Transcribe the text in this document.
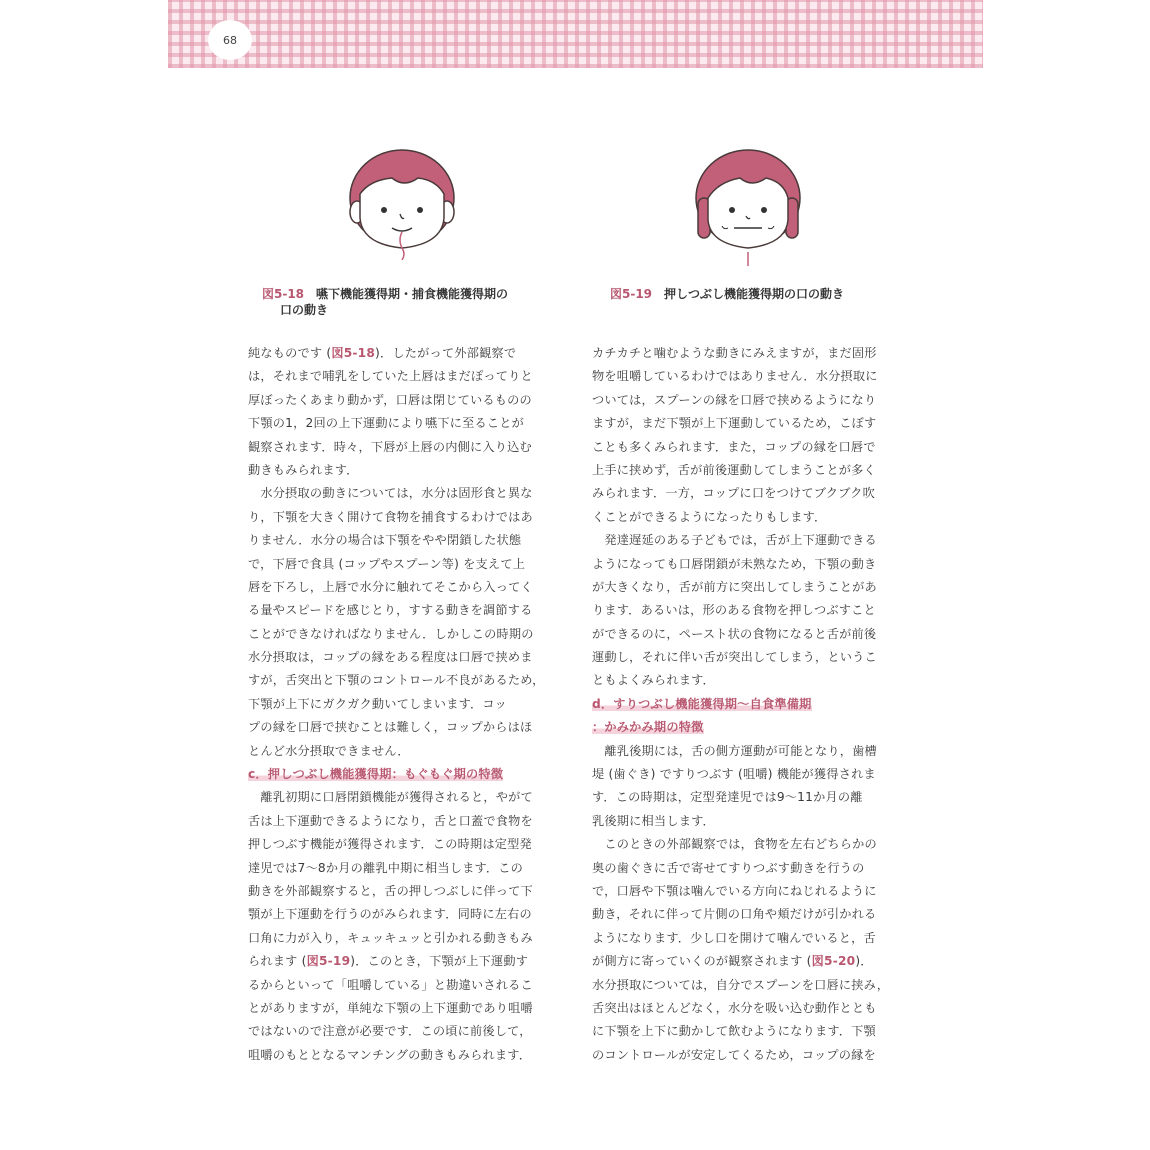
68
図5-18 嚥下機能獲得期・捕食機能獲得期の
口の動き
図5-19 押しつぶし機能獲得期の口の動き
純なものです (図5-18)．したがって外部観察で
は，それまで哺乳をしていた上唇はまだぽってりと
厚ぼったくあまり動かず，口唇は閉じているものの
下顎の1，2回の上下運動により嚥下に至ることが
観察されます．時々，下唇が上唇の内側に入り込む
動きもみられます．
　水分摂取の動きについては，水分は固形食と異な
り，下顎を大きく開けて食物を捕食するわけではあ
りません．水分の場合は下顎をやや閉鎖した状態
で，下唇で食具 (コップやスプーン等) を支えて上
唇を下ろし，上唇で水分に触れてそこから入ってく
る量やスピードを感じとり，すする動きを調節する
ことができなければなりません．しかしこの時期の
水分摂取は，コップの縁をある程度は口唇で挟めま
すが，舌突出と下顎のコントロール不良があるため，
下顎が上下にガクガク動いてしまいます．コッ
プの縁を口唇で挟むことは難しく，コップからはほ
とんど水分摂取できません．
c．押しつぶし機能獲得期：もぐもぐ期の特徴
　離乳初期に口唇閉鎖機能が獲得されると，やがて
舌は上下運動できるようになり，舌と口蓋で食物を
押しつぶす機能が獲得されます．この時期は定型発
達児では7～8か月の離乳中期に相当します．この
動きを外部観察すると，舌の押しつぶしに伴って下
顎が上下運動を行うのがみられます．同時に左右の
口角に力が入り，キュッキュッと引かれる動きもみ
られます (図5-19)．このとき，下顎が上下運動す
るからといって「咀嚼している」と勘違いされるこ
とがありますが，単純な下顎の上下運動であり咀嚼
ではないので注意が必要です．この頃に前後して，
咀嚼のもととなるマンチングの動きもみられます．
カチカチと噛むような動きにみえますが，まだ固形
物を咀嚼しているわけではありません．水分摂取に
ついては，スプーンの縁を口唇で挟めるようになり
ますが，まだ下顎が上下運動しているため，こぼす
ことも多くみられます．また，コップの縁を口唇で
上手に挟めず，舌が前後運動してしまうことが多く
みられます．一方，コップに口をつけてブクブク吹
くことができるようになったりもします．
　発達遅延のある子どもでは，舌が上下運動できる
ようになっても口唇閉鎖が未熟なため，下顎の動き
が大きくなり，舌が前方に突出してしまうことがあ
ります．あるいは，形のある食物を押しつぶすこと
ができるのに，ペースト状の食物になると舌が前後
運動し，それに伴い舌が突出してしまう，というこ
ともよくみられます．
d．すりつぶし機能獲得期～自食準備期
：かみかみ期の特徴
　離乳後期には，舌の側方運動が可能となり，歯槽
堤 (歯ぐき) ですりつぶす (咀嚼) 機能が獲得されま
す．この時期は，定型発達児では9～11か月の離
乳後期に相当します．
　このときの外部観察では，食物を左右どちらかの
奥の歯ぐきに舌で寄せてすりつぶす動きを行うの
で，口唇や下顎は噛んでいる方向にねじれるように
動き，それに伴って片側の口角や頬だけが引かれる
ようになります．少し口を開けて噛んでいると，舌
が側方に寄っていくのが観察されます (図5-20)．
水分摂取については，自分でスプーンを口唇に挟み，
舌突出はほとんどなく，水分を吸い込む動作ととも
に下顎を上下に動かして飲むようになります．下顎
のコントロールが安定してくるため，コップの縁を
